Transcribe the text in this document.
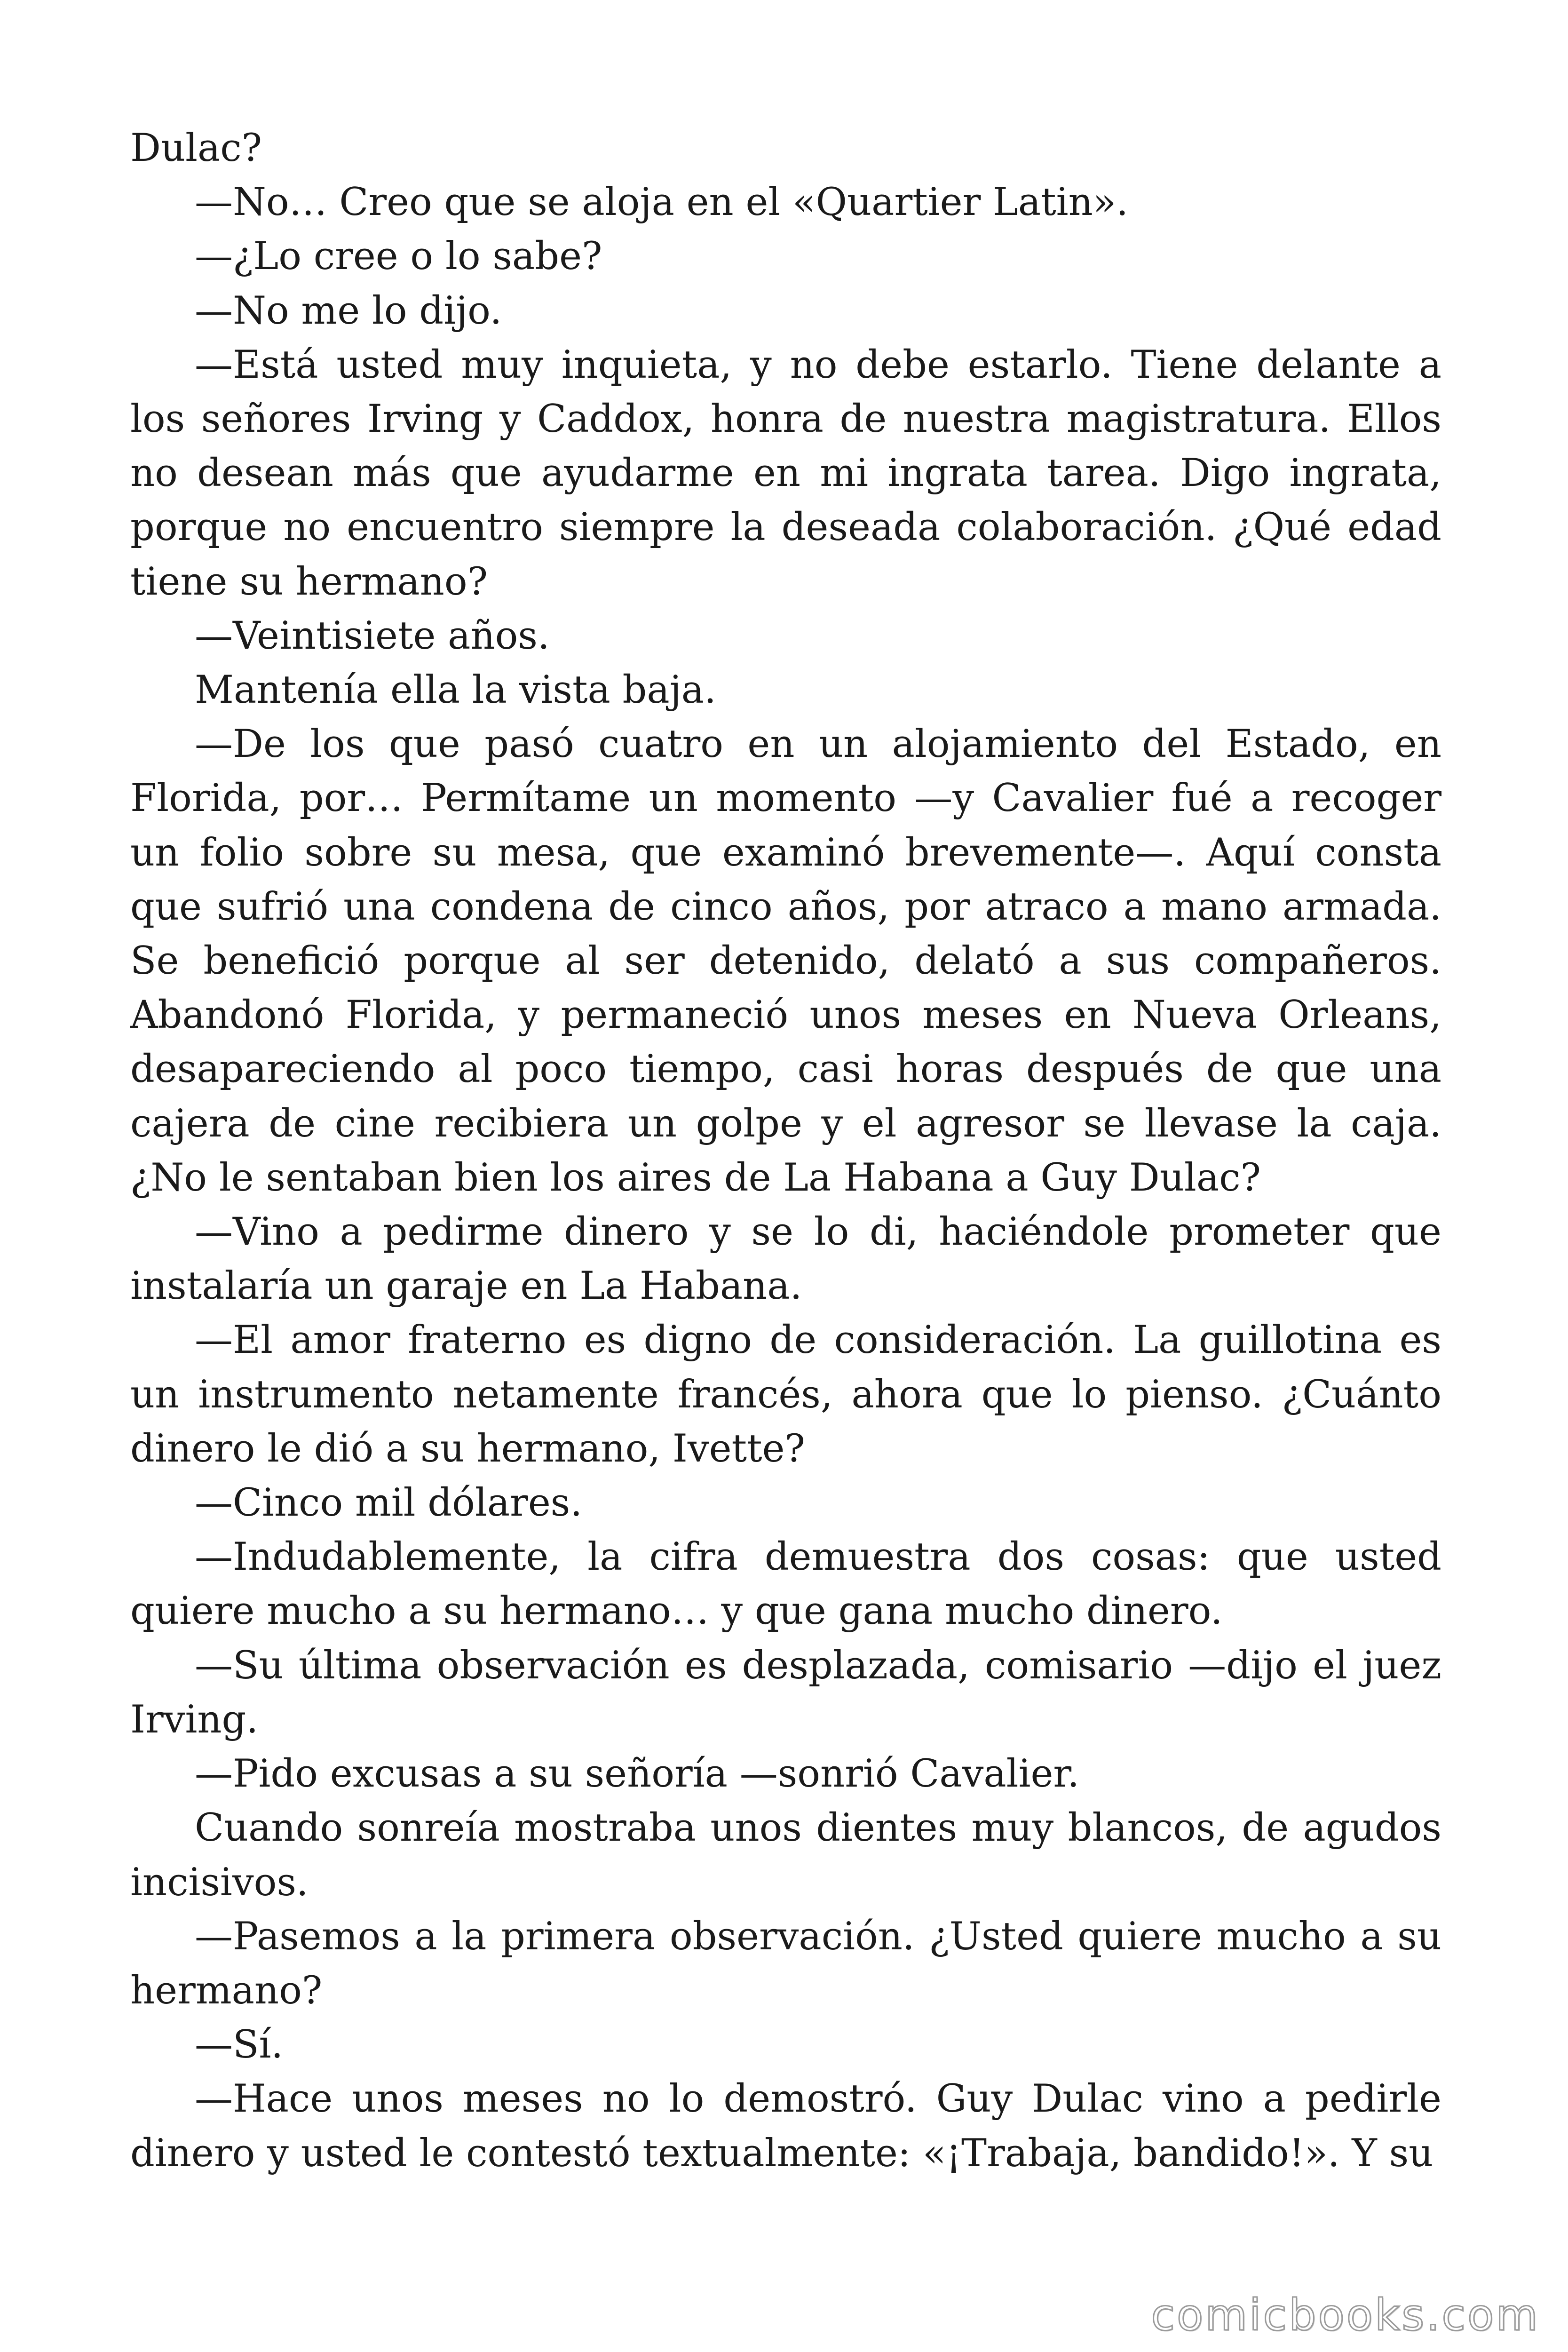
Dulac?

—No… Creo que se aloja en el «Quartier Latin».

—¿Lo cree o lo sabe?

—No me lo dijo.

—Está usted muy inquieta, y no debe estarlo. Tiene delante a los señores Irving y Caddox, honra de nuestra magistratura. Ellos no desean más que ayudarme en mi ingrata tarea. Digo ingrata, porque no encuentro siempre la deseada colaboración. ¿Qué edad tiene su hermano?

—Veintisiete años.

Mantenía ella la vista baja.

—De los que pasó cuatro en un alojamiento del Estado, en Florida, por… Permítame un momento —y Cavalier fué a recoger un folio sobre su mesa, que examinó brevemente—. Aquí consta que sufrió una condena de cinco años, por atraco a mano armada. Se benefició porque al ser detenido, delató a sus compañeros. Abandonó Florida, y permaneció unos meses en Nueva Orleans, desapareciendo al poco tiempo, casi horas después de que una cajera de cine recibiera un golpe y el agresor se llevase la caja. ¿No le sentaban bien los aires de La Habana a Guy Dulac?

—Vino a pedirme dinero y se lo di, haciéndole prometer que instalaría un garaje en La Habana.

—El amor fraterno es digno de consideración. La guillotina es un instrumento netamente francés, ahora que lo pienso. ¿Cuánto dinero le dió a su hermano, Ivette?

—Cinco mil dólares.

—Indudablemente, la cifra demuestra dos cosas: que usted quiere mucho a su hermano… y que gana mucho dinero.

—Su última observación es desplazada, comisario —dijo el juez Irving.

—Pido excusas a su señoría —sonrió Cavalier.

Cuando sonreía mostraba unos dientes muy blancos, de agudos incisivos.

—Pasemos a la primera observación. ¿Usted quiere mucho a su hermano?

—Sí.

—Hace unos meses no lo demostró. Guy Dulac vino a pedirle dinero y usted le contestó textualmente: «¡Trabaja, bandido!». Y su

comicbooks.com
